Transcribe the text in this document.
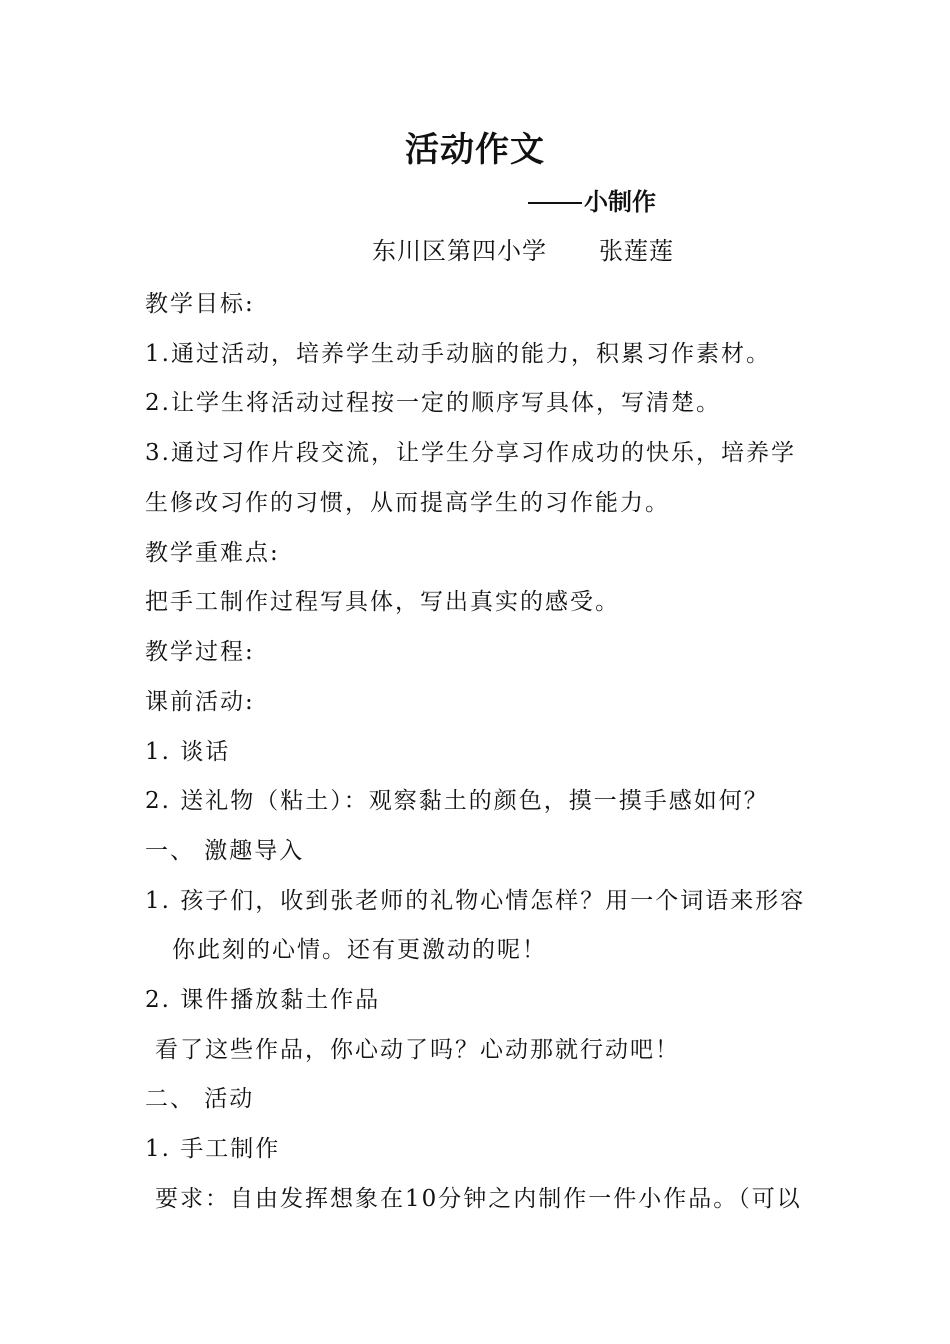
活动作文
小制作
东川区第四小学 张莲莲
教学目标:
1.通过活动，培养学生动手动脑的能力，积累习作素材。
2.让学生将活动过程按一定的顺序写具体，写清楚。
3.通过习作片段交流，让学生分享习作成功的快乐，培养学
生修改习作的习惯，从而提高学生的习作能力。
教学重难点:
把手工制作过程写具体，写出真实的感受。
教学过程:
课前活动:
1. 谈话
2. 送礼物（粘土）：观察黏土的颜色，摸一摸手感如何？
一、 激趣导入
1. 孩子们，收到张老师的礼物心情怎样？用一个词语来形容
你此刻的心情。还有更激动的呢！
2. 课件播放黏土作品
看了这些作品，你心动了吗？心动那就行动吧！
二、 活动
1. 手工制作
要求：自由发挥想象在10分钟之内制作一件小作品。（可以
